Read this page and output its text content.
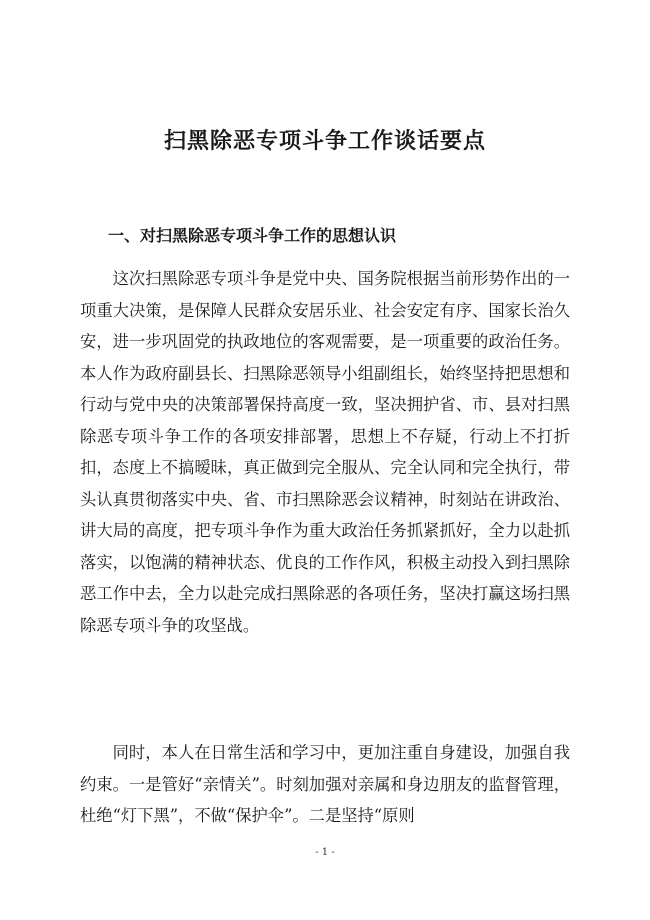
扫黑除恶专项斗争工作谈话要点
一、对扫黑除恶专项斗争工作的思想认识

这次扫黑除恶专项斗争是党中央、国务院根据当前形势作出的一项重大决策，是保障人民群众安居乐业、社会安定有序、国家长治久安，进一步巩固党的执政地位的客观需要，是一项重要的政治任务。本人作为政府副县长、扫黑除恶领导小组副组长，始终坚持把思想和行动与党中央的决策部署保持高度一致，坚决拥护省、市、县对扫黑除恶专项斗争工作的各项安排部署，思想上不存疑，行动上不打折扣，态度上不搞暧昧，真正做到完全服从、完全认同和完全执行，带头认真贯彻落实中央、省、市扫黑除恶会议精神，时刻站在讲政治、讲大局的高度，把专项斗争作为重大政治任务抓紧抓好，全力以赴抓落实，以饱满的精神状态、优良的工作作风，积极主动投入到扫黑除恶工作中去，全力以赴完成扫黑除恶的各项任务，坚决打赢这场扫黑除恶专项斗争的攻坚战。

同时，本人在日常生活和学习中，更加注重自身建设，加强自我约束。一是管好“亲情关”。时刻加强对亲属和身边朋友的监督管理，杜绝“灯下黑”，不做“保护伞”。二是坚持“原则

- 1 -
